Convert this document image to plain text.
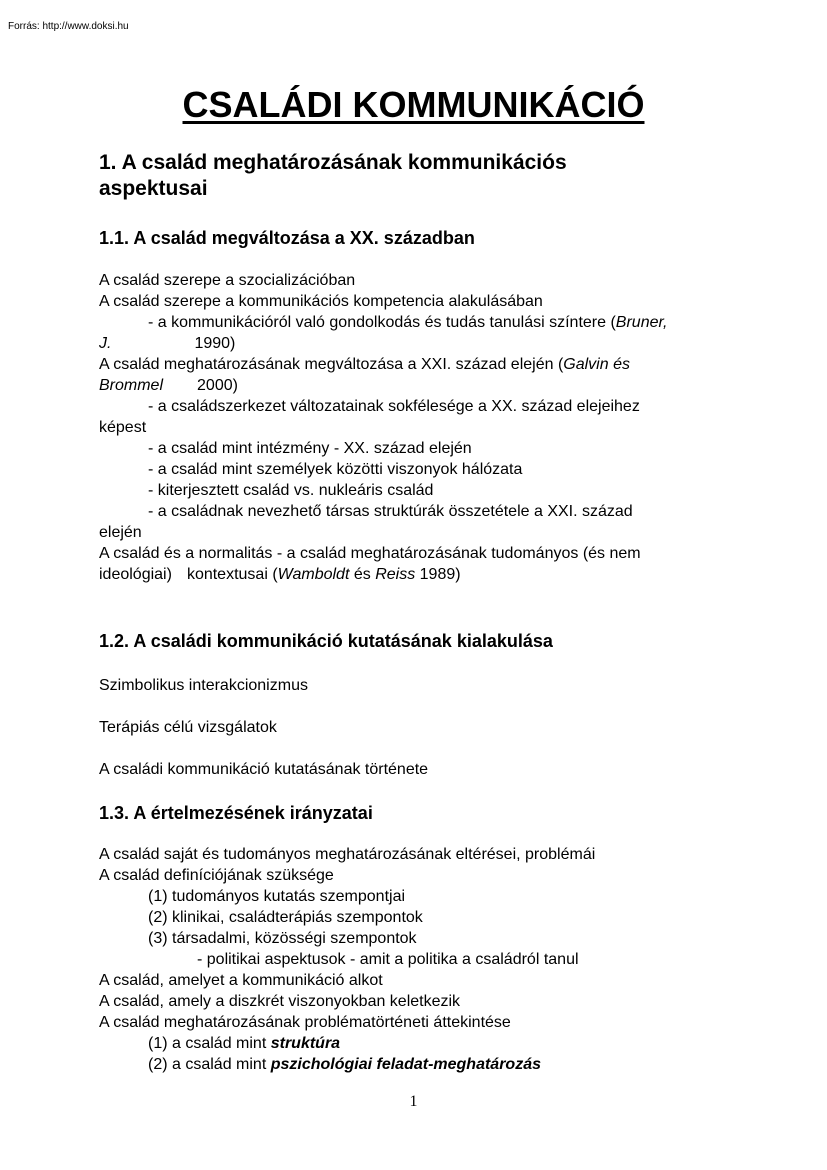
Forrás: http://www.doksi.hu
CSALÁDI KOMMUNIKÁCIÓ
1. A család meghatározásának kommunikációs
aspektusai
1.1. A család megváltozása a XX. században
A család szerepe a szocializációban
A család szerepe a kommunikációs kompetencia alakulásában
- a kommunikációról való gondolkodás és tudás tanulási színtere (Bruner,
J.	1990)
A család meghatározásának megváltozása a XXI. század elején (Galvin és
Brommel 2000)
- a családszerkezet változatainak sokfélesége a XX. század elejeihez
képest
- a család mint intézmény - XX. század elején
- a család mint személyek közötti viszonyok hálózata
- kiterjesztett család vs. nukleáris család
- a családnak nevezhető társas struktúrák összetétele a XXI. század
elején
A család és a normalitás - a család meghatározásának tudományos (és nem
ideológiai) kontextusai (Wamboldt és Reiss 1989)
1.2. A családi kommunikáció kutatásának kialakulása
Szimbolikus interakcionizmus
Terápiás célú vizsgálatok
A családi kommunikáció kutatásának története
1.3. A értelmezésének irányzatai
A család saját és tudományos meghatározásának eltérései, problémái
A család definíciójának szüksége
(1) tudományos kutatás szempontjai
(2) klinikai, családterápiás szempontok
(3) társadalmi, közösségi szempontok
- politikai aspektusok - amit a politika a családról tanul
A család, amelyet a kommunikáció alkot
A család, amely a diszkrét viszonyokban keletkezik
A család meghatározásának problématörténeti áttekintése
(1) a család mint struktúra
(2) a család mint pszichológiai feladat-meghatározás
1
